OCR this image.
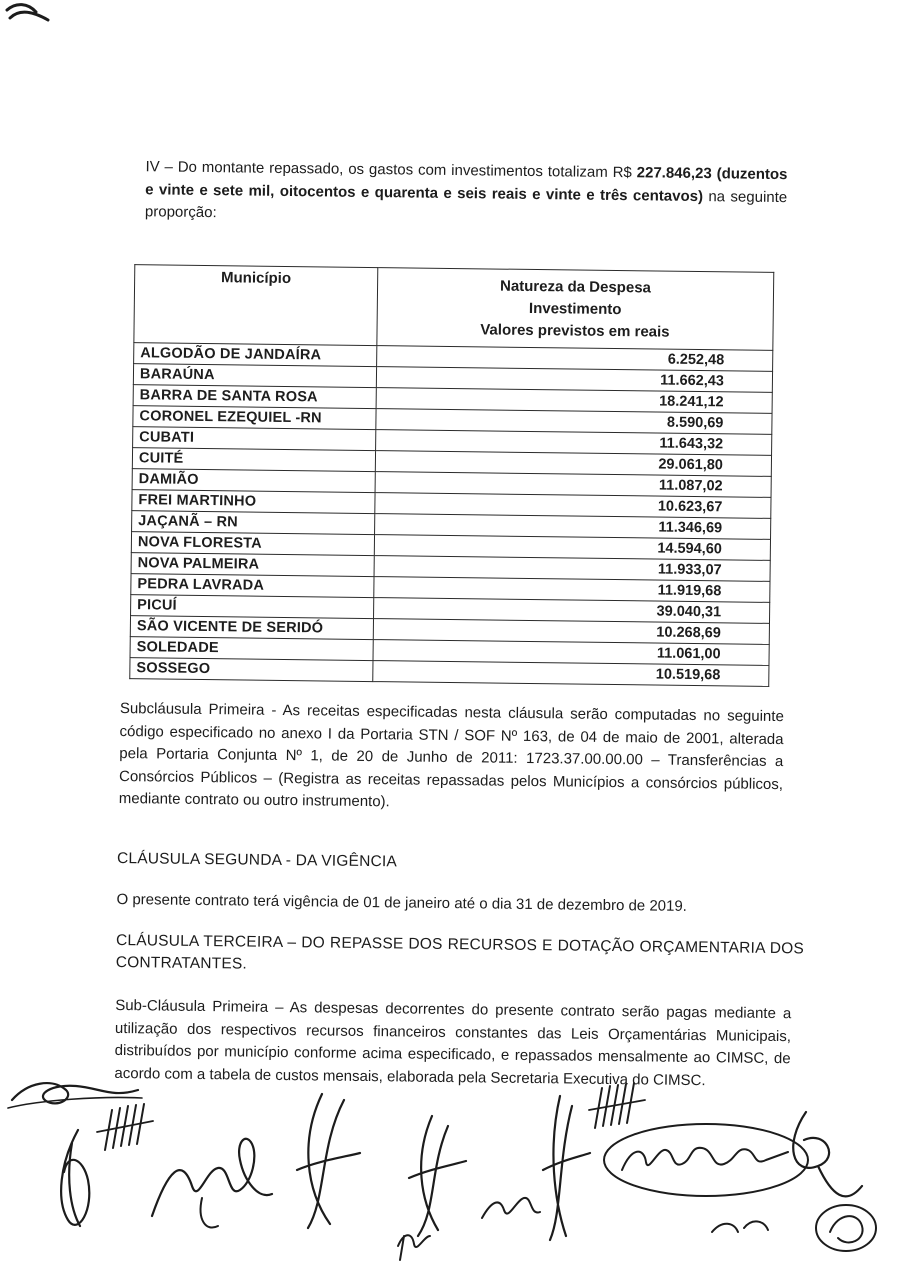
IV – Do montante repassado, os gastos com investimentos totalizam R$ 227.846,23 (duzentos e vinte e sete mil, oitocentos e quarenta e seis reais e vinte e três centavos) na seguinte proporção:

Município	Natureza da Despesa
Investimento
Valores previstos em reais

ALGODÃO DE JANDAÍRA	6.252,48
BARAÚNA	11.662,43
BARRA DE SANTA ROSA	18.241,12
CORONEL EZEQUIEL -RN	8.590,69
CUBATI	11.643,32
CUITÉ	29.061,80
DAMIÃO	11.087,02
FREI MARTINHO	10.623,67
JAÇANÃ – RN	11.346,69
NOVA FLORESTA	14.594,60
NOVA PALMEIRA	11.933,07
PEDRA LAVRADA	11.919,68
PICUÍ	39.040,31
SÃO VICENTE DE SERIDÓ	10.268,69
SOLEDADE	11.061,00
SOSSEGO	10.519,68

Subcláusula Primeira - As receitas especificadas nesta cláusula serão computadas no seguinte código especificado no anexo I da Portaria STN / SOF Nº 163, de 04 de maio de 2001, alterada pela Portaria Conjunta Nº 1, de 20 de Junho de 2011: 1723.37.00.00.00 – Transferências a Consórcios Públicos – (Registra as receitas repassadas pelos Municípios a consórcios públicos, mediante contrato ou outro instrumento).

CLÁUSULA SEGUNDA - DA VIGÊNCIA

O presente contrato terá vigência de 01 de janeiro até o dia 31 de dezembro de 2019.

CLÁUSULA TERCEIRA – DO REPASSE DOS RECURSOS E DOTAÇÃO ORÇAMENTARIA DOS CONTRATANTES.

Sub-Cláusula Primeira – As despesas decorrentes do presente contrato serão pagas mediante a utilização dos respectivos recursos financeiros constantes das Leis Orçamentárias Municipais, distribuídos por município conforme acima especificado, e repassados mensalmente ao CIMSC, de acordo com a tabela de custos mensais, elaborada pela Secretaria Executiva do CIMSC.
